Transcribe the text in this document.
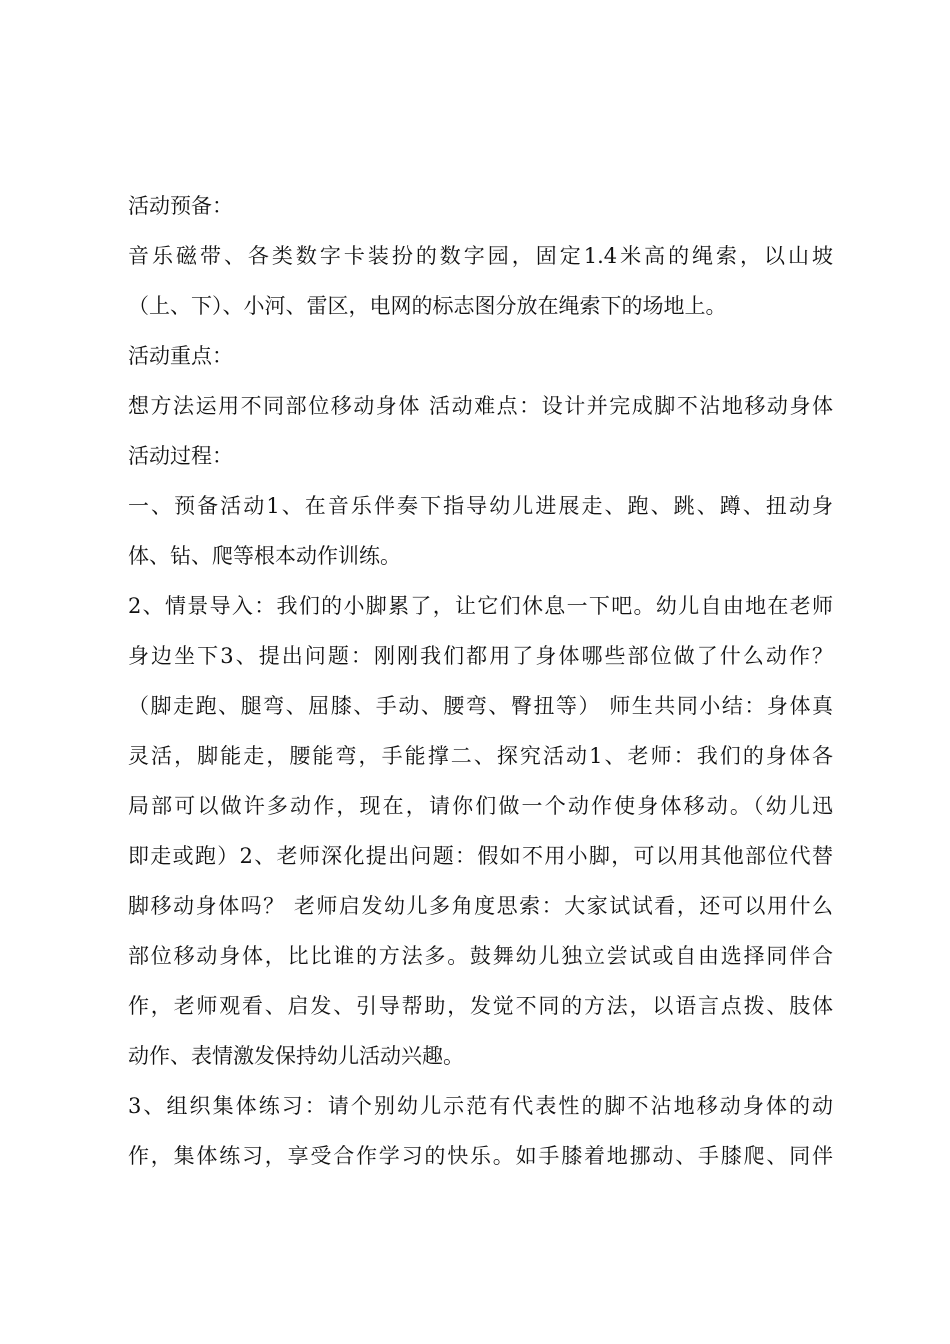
活动预备：
音乐磁带、各类数字卡装扮的数字园，固定1.4米高的绳索，以山坡
（上、下）、小河、雷区，电网的标志图分放在绳索下的场地上。
活动重点：
想方法运用不同部位移动身体 活动难点：设计并完成脚不沾地移动身体
活动过程：
一、预备活动1、在音乐伴奏下指导幼儿进展走、跑、跳、蹲、扭动身
体、钻、爬等根本动作训练。
2、情景导入：我们的小脚累了，让它们休息一下吧。幼儿自由地在老师
身边坐下3、提出问题：刚刚我们都用了身体哪些部位做了什么动作？
（脚走跑、腿弯、屈膝、手动、腰弯、臀扭等） 师生共同小结：身体真
灵活，脚能走，腰能弯，手能撑二、探究活动1、老师：我们的身体各
局部可以做许多动作，现在，请你们做一个动作使身体移动。（幼儿迅
即走或跑）2、老师深化提出问题：假如不用小脚，可以用其他部位代替
脚移动身体吗？ 老师启发幼儿多角度思索：大家试试看，还可以用什么
部位移动身体，比比谁的方法多。鼓舞幼儿独立尝试或自由选择同伴合
作，老师观看、启发、引导帮助，发觉不同的方法，以语言点拨、肢体
动作、表情激发保持幼儿活动兴趣。
3、组织集体练习：请个别幼儿示范有代表性的脚不沾地移动身体的动
作，集体练习，享受合作学习的快乐。如手膝着地挪动、手膝爬、同伴
